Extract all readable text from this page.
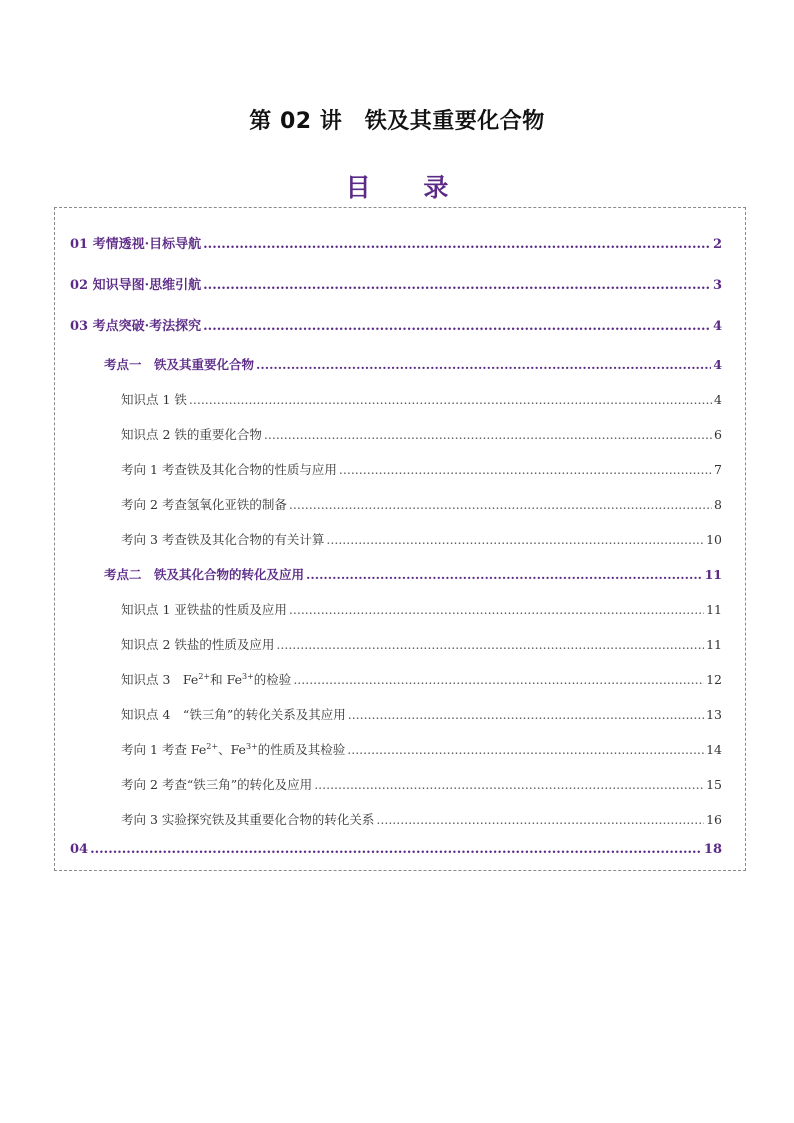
第 02 讲　铁及其重要化合物
目 录
01 考情透视·目标导航 .....	2
02 知识导图·思维引航 .....	3
03 考点突破·考法探究 .....	4
考点一　铁及其重要化合物 .....	4
知识点 1 铁 .....	4
知识点 2 铁的重要化合物 .....	6
考向 1 考查铁及其化合物的性质与应用 .....	7
考向 2 考查氢氧化亚铁的制备 .....	8
考向 3 考查铁及其化合物的有关计算 .....	10
考点二　铁及其化合物的转化及应用 .....	11
知识点 1 亚铁盐的性质及应用 .....	11
知识点 2 铁盐的性质及应用 .....	11
知识点 3　$Fe^{2+}$和 $Fe^{3+}$的检验 .....	12
知识点 4　“铁三角”的转化关系及其应用 .....	13
考向 1 考查 $Fe^{2+}$、$Fe^{3+}$的性质及其检验 .....	14
考向 2 考查“铁三角”的转化及应用 .....	15
考向 3 实验探究铁及其重要化合物的转化关系 .....	16
04 .....	18
